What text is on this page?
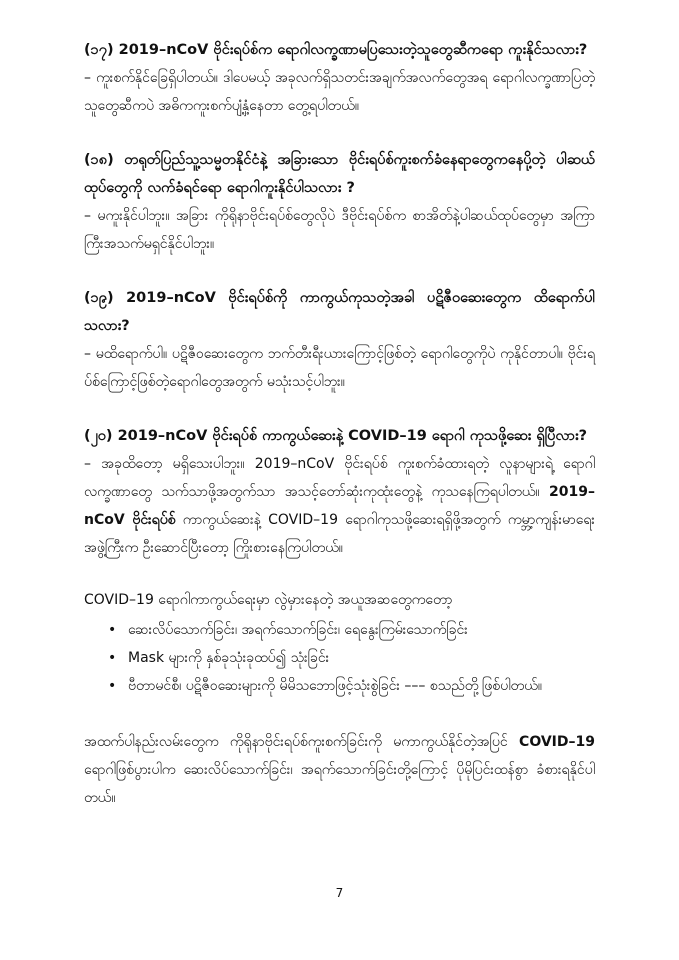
(၁၇) 2019–nCoV ဗိုင်းရပ်စ်က ရောဂါလက္ခဏာမပြသေးတဲ့သူတွေဆီကရော ကူးနိုင်သလား?

– ကူးစက်နိုင်ခြေရှိပါတယ်။ ဒါပေမယ့် အခုလက်ရှိသတင်းအချက်အလက်တွေအရ ရောဂါလက္ခဏာပြတဲ့သူတွေဆီကပဲ အဓိကကူးစက်ပျံ့နှံ့နေတာ တွေ့ရပါတယ်။

(၁၈) တရုတ်ပြည်သူ့သမ္မတနိုင်ငံနဲ့ အခြားသော ဗိုင်းရပ်စ်ကူးစက်ခံနေရာတွေကနေပို့တဲ့ ပါဆယ်ထုပ်တွေကို လက်ခံရင်ရော ရောဂါကူးနိုင်ပါသလား ?

– မကူးနိုင်ပါဘူး။ အခြား ကိုရိုနာဗိုင်းရပ်စ်တွေလိုပဲ ဒီဗိုင်းရပ်စ်က စာအိတ်နဲ့ပါဆယ်ထုပ်တွေမှာ အကြာကြီးအသက်မရှင်နိုင်ပါဘူး။

(၁၉) 2019–nCoV ဗိုင်းရပ်စ်ကို ကာကွယ်ကုသတဲ့အခါ ပဋိဇီဝဆေးတွေက ထိရောက်ပါသလား?

– မထိရောက်ပါ။ ပဋိဇီဝဆေးတွေက ဘက်တီးရီးယားကြောင့်ဖြစ်တဲ့ ရောဂါတွေကိုပဲ ကုနိုင်တာပါ။ ဗိုင်းရပ်စ်ကြောင့်ဖြစ်တဲ့ရောဂါတွေအတွက် မသုံးသင့်ပါဘူး။

(၂၀) 2019–nCoV ဗိုင်းရပ်စ် ကာကွယ်ဆေးနဲ့ COVID–19 ရောဂါ ကုသဖို့ဆေး ရှိပြီလား?

– အခုထိတော့ မရှိသေးပါဘူး။ 2019–nCoV ဗိုင်းရပ်စ် ကူးစက်ခံထားရတဲ့ လူနာများရဲ့ ရောဂါလက္ခဏာတွေ သက်သာဖို့အတွက်သာ အသင့်တော်ဆုံးကုထုံးတွေနဲ့ ကုသနေကြရပါတယ်။ 2019–nCoV ဗိုင်းရပ်စ် ကာကွယ်ဆေးနဲ့ COVID–19 ရောဂါကုသဖို့ဆေးရရှိဖို့အတွက် ကမ္ဘာ့ကျန်းမာရေးအဖွဲ့ကြီးက ဦးဆောင်ပြီးတော့ ကြိုးစားနေကြပါတယ်။

COVID–19 ရောဂါကာကွယ်ရေးမှာ လွဲမှားနေတဲ့ အယူအဆတွေကတော့

• ဆေးလိပ်သောက်ခြင်း၊ အရက်သောက်ခြင်း၊ ရေနွေးကြမ်းသောက်ခြင်း
• Mask များကို နှစ်ခုသုံးခုထပ်၍ သုံးခြင်း
• ဗီတာမင်စီ၊ ပဋိဇီဝဆေးများကို မိမိသဘောဖြင့်သုံးစွဲခြင်း ––– စသည်တို့ဖြစ်ပါတယ်။

အထက်ပါနည်းလမ်းတွေက ကိုရိုနာဗိုင်းရပ်စ်ကူးစက်ခြင်းကို မကာကွယ်နိုင်တဲ့အပြင် COVID–19 ရောဂါဖြစ်ပွားပါက ဆေးလိပ်သောက်ခြင်း၊ အရက်သောက်ခြင်းတို့ကြောင့် ပိုမိုပြင်းထန်စွာ ခံစားရနိုင်ပါတယ်။

7
